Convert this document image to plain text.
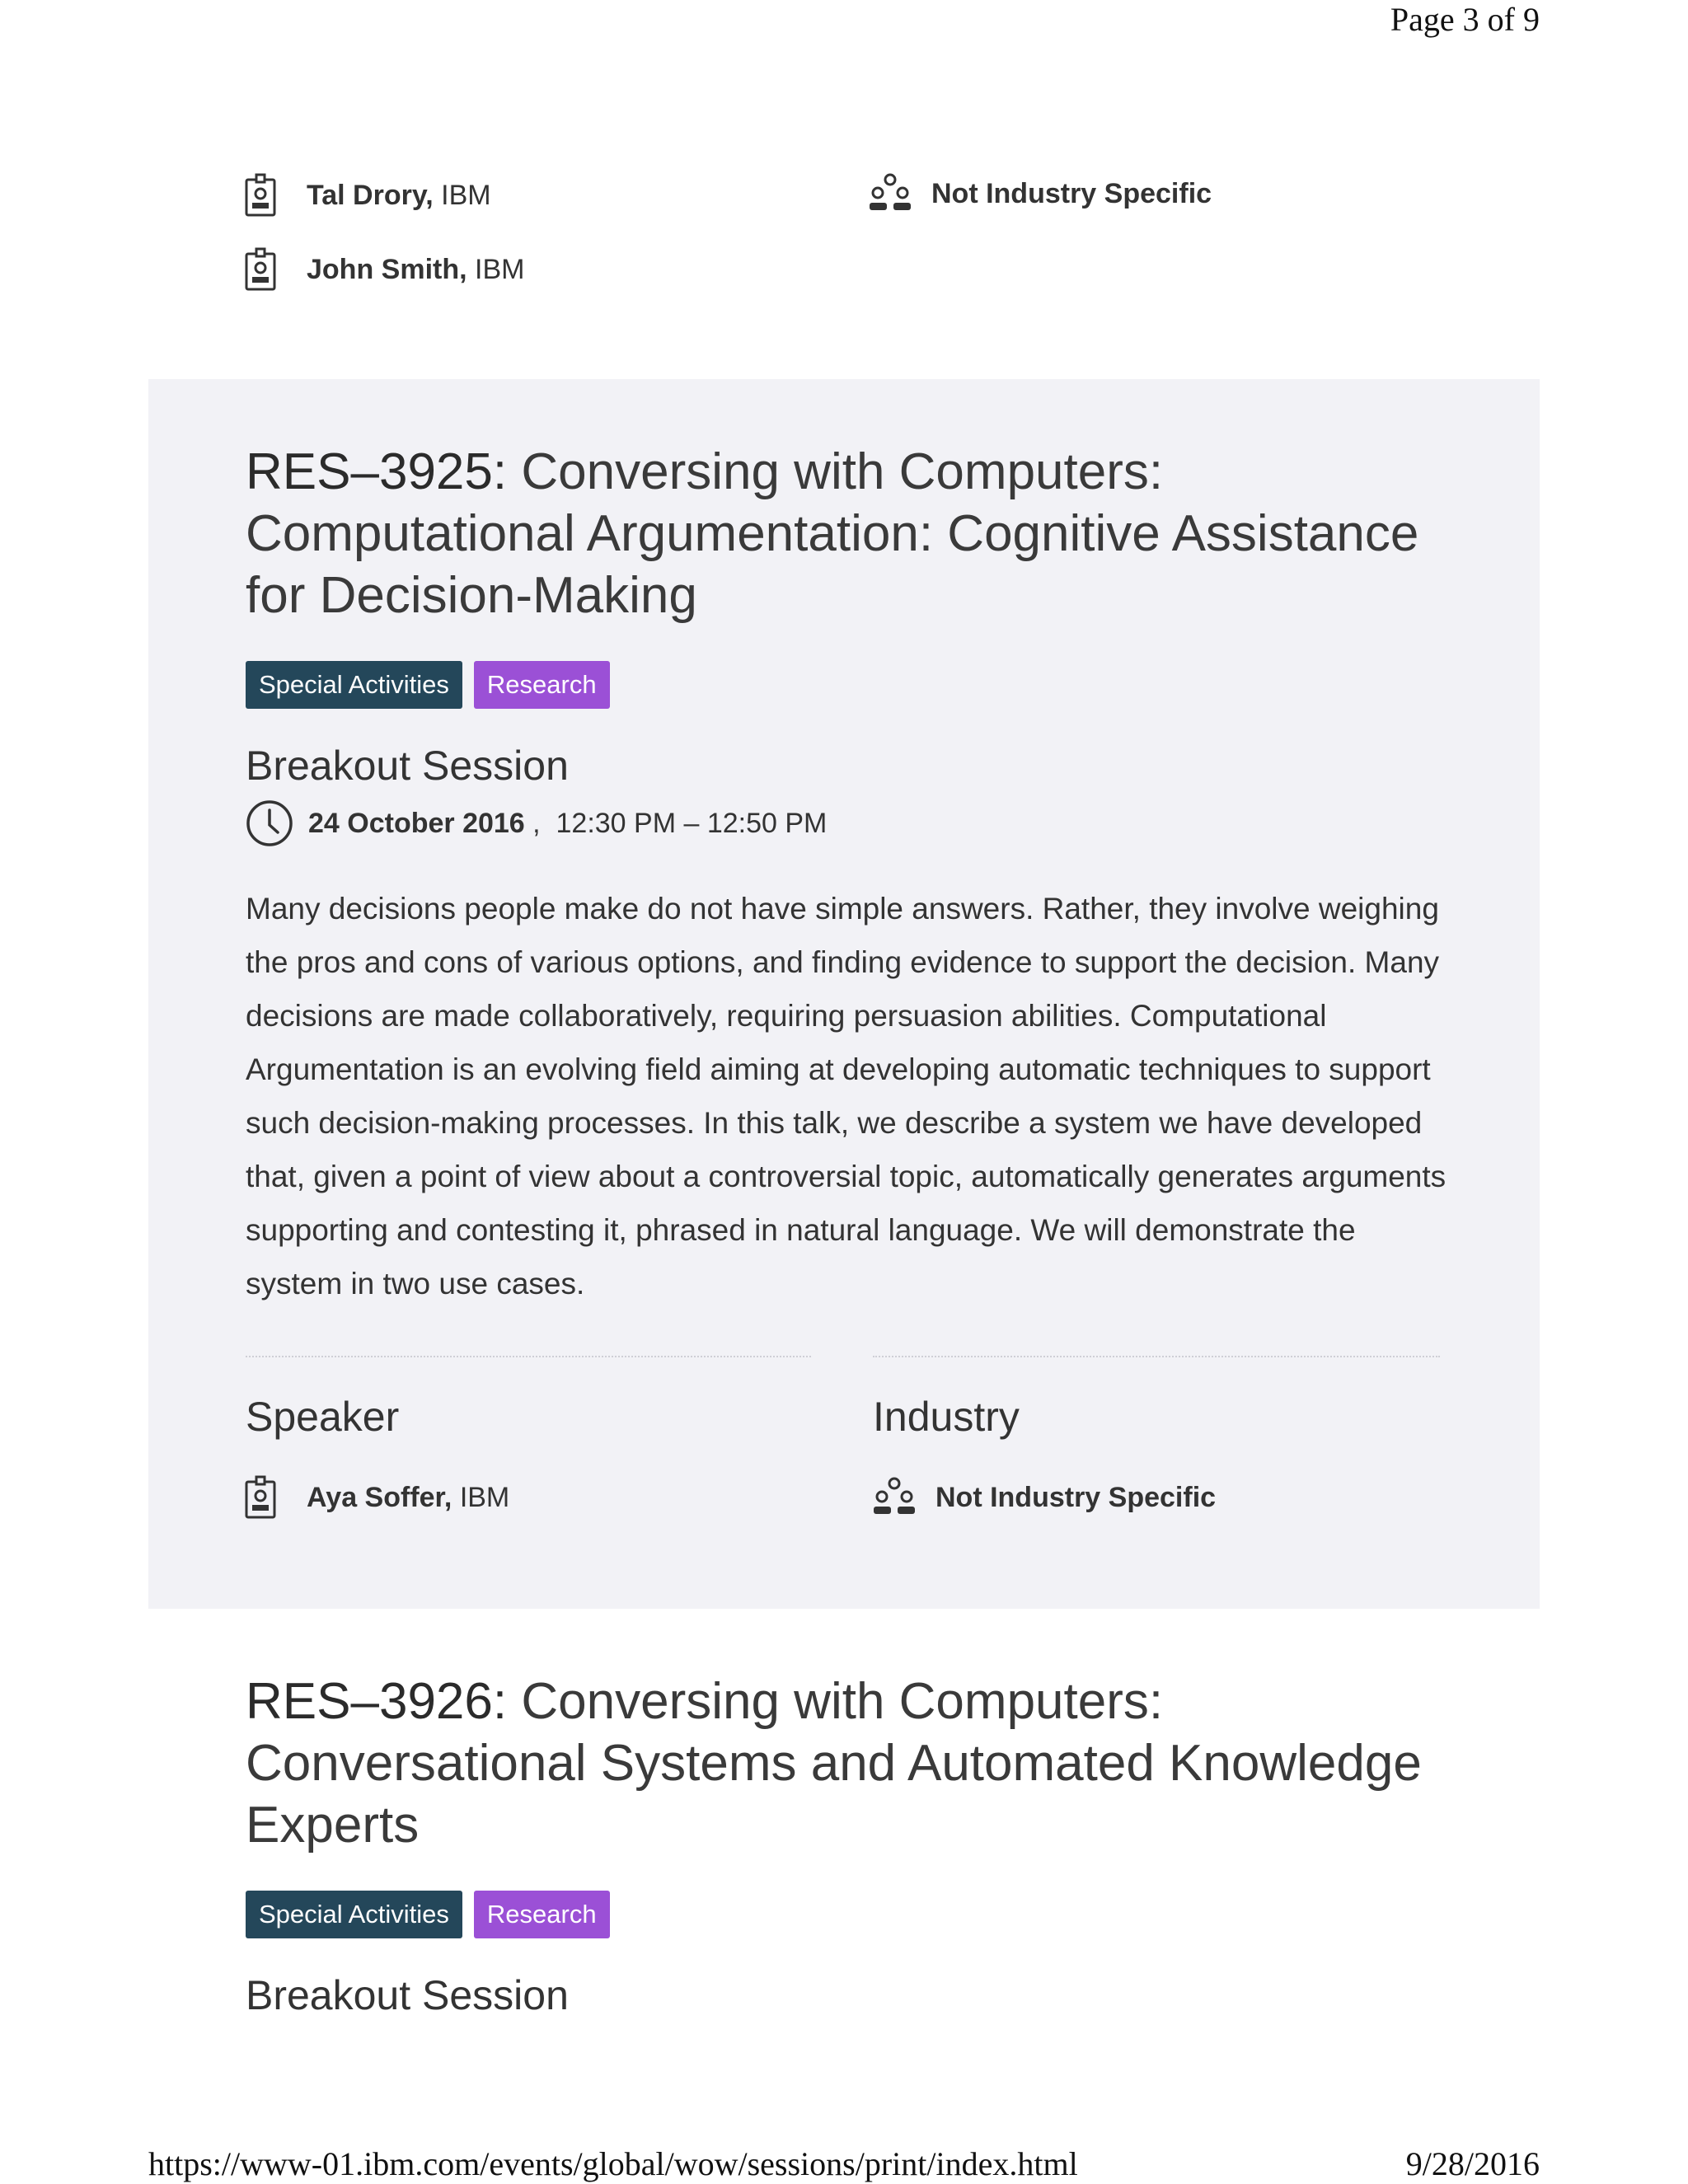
Page 3 of 9
Tal Drory,
IBM
John Smith,
IBM
Not Industry Specific
RES–3925: Conversing with Computers:
Computational Argumentation: Cognitive Assistance
for Decision-Making
Special Activities	Research
Breakout Session
24 October 2016 , 12:30 PM – 12:50 PM

Many decisions people make do not have simple answers. Rather, they involve weighing the pros and cons of various options, and finding evidence to support the decision. Many decisions are made collaboratively, requiring persuasion abilities. Computational Argumentation is an evolving field aiming at developing automatic techniques to support such decision-making processes. In this talk, we describe a system we have developed that, given a point of view about a controversial topic, automatically generates arguments supporting and contesting it, phrased in natural language. We will demonstrate the system in two use cases.

Speaker	Industry
Aya Soffer,
IBM	Not Industry Specific
RES–3926: Conversing with Computers:
Conversational Systems and Automated Knowledge
Experts
Special Activities	Research
Breakout Session
https://www-01.ibm.com/events/global/wow/sessions/print/index.html	9/28/2016
